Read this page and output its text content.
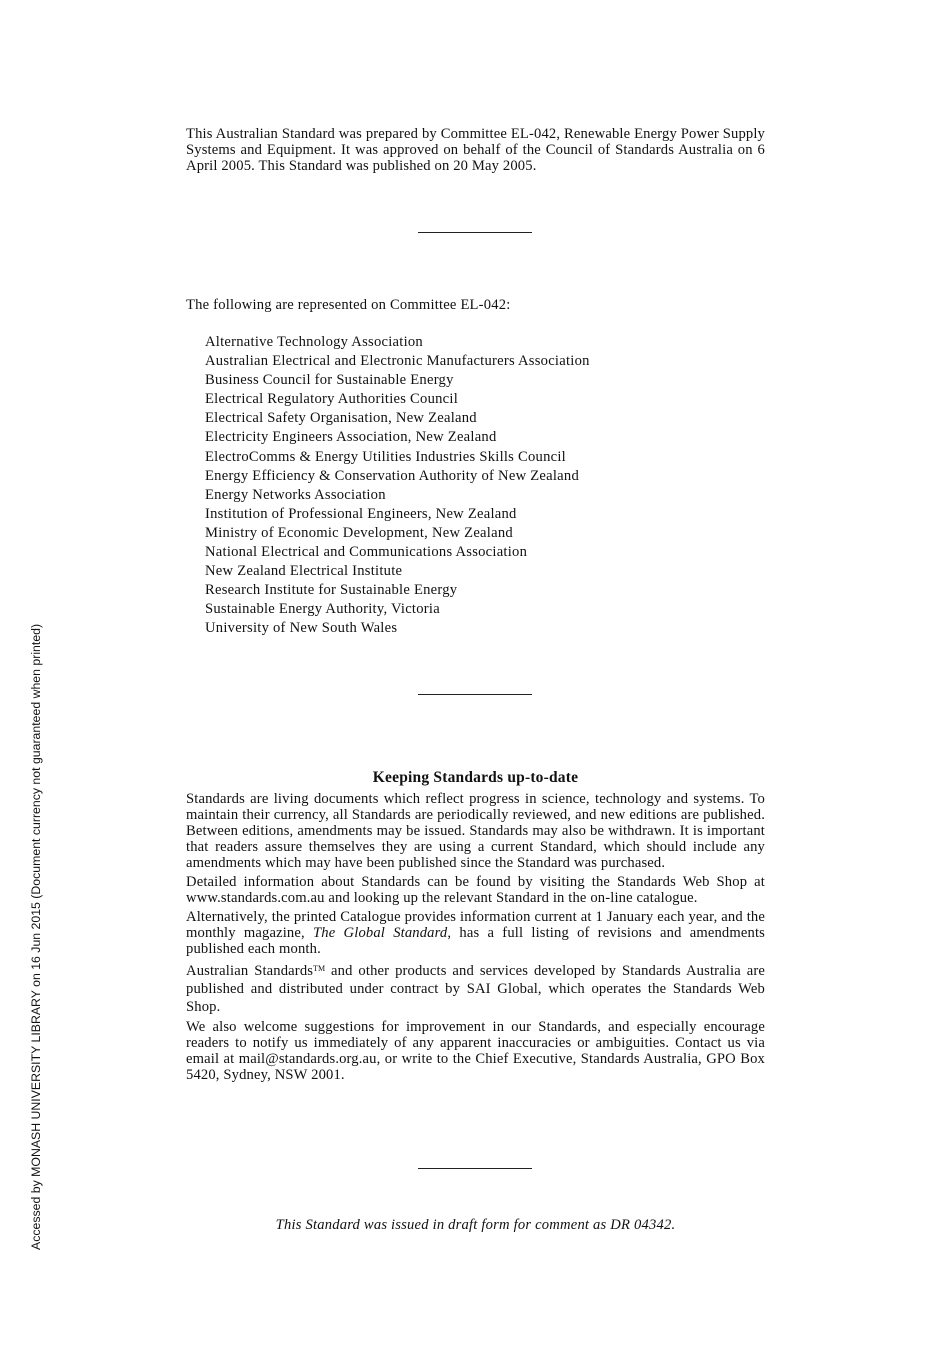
This Australian Standard was prepared by Committee EL-042, Renewable Energy Power Supply Systems and Equipment. It was approved on behalf of the Council of Standards Australia on 6 April 2005. This Standard was published on 20 May 2005.
The following are represented on Committee EL-042:
Alternative Technology Association
Australian Electrical and Electronic Manufacturers Association
Business Council for Sustainable Energy
Electrical Regulatory Authorities Council
Electrical Safety Organisation, New Zealand
Electricity Engineers Association, New Zealand
ElectroComms & Energy Utilities Industries Skills Council
Energy Efficiency & Conservation Authority of New Zealand
Energy Networks Association
Institution of Professional Engineers, New Zealand
Ministry of Economic Development, New Zealand
National Electrical and Communications Association
New Zealand Electrical Institute
Research Institute for Sustainable Energy
Sustainable Energy Authority, Victoria
University of New South Wales
Keeping Standards up-to-date

Standards are living documents which reflect progress in science, technology and systems. To maintain their currency, all Standards are periodically reviewed, and new editions are published. Between editions, amendments may be issued. Standards may also be withdrawn. It is important that readers assure themselves they are using a current Standard, which should include any amendments which may have been published since the Standard was purchased.

Detailed information about Standards can be found by visiting the Standards Web Shop at www.standards.com.au and looking up the relevant Standard in the on-line catalogue.

Alternatively, the printed Catalogue provides information current at 1 January each year, and the monthly magazine, The Global Standard, has a full listing of revisions and amendments published each month.

Australian Standards™ and other products and services developed by Standards Australia are published and distributed under contract by SAI Global, which operates the Standards Web Shop.

We also welcome suggestions for improvement in our Standards, and especially encourage readers to notify us immediately of any apparent inaccuracies or ambiguities. Contact us via email at mail@standards.org.au, or write to the Chief Executive, Standards Australia, GPO Box 5420, Sydney, NSW 2001.

This Standard was issued in draft form for comment as DR 04342.
Accessed by MONASH UNIVERSITY LIBRARY on 16 Jun 2015 (Document currency not guaranteed when printed)
